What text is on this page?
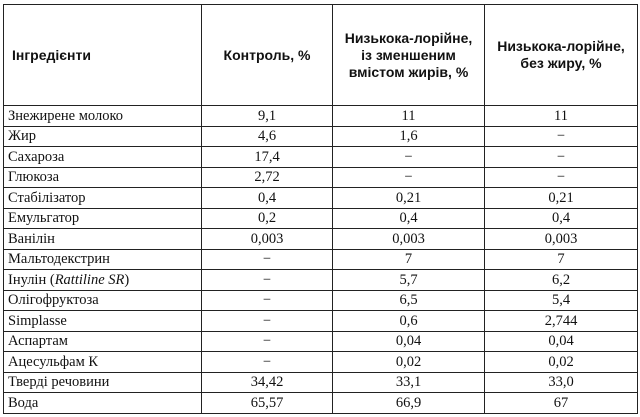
Інгредієнти	Контроль, %	Низькока-лорійне, із зменшеним вмістом жирів, %	Низькока-лорійне, без жиру, %
Знежирене молоко	9,1	11	11
Жир	4,6	1,6	−
Сахароза	17,4	−	−
Глюкоза	2,72	−	−
Стабілізатор	0,4	0,21	0,21
Емульгатор	0,2	0,4	0,4
Ванілін	0,003	0,003	0,003
Мальтодекстрин	−	7	7
Інулін (Rattiline SR)	−	5,7	6,2
Олігофруктоза	−	6,5	5,4
Simplasse	−	0,6	2,744
Аспартам	−	0,04	0,04
Ацесульфам К	−	0,02	0,02
Тверді речовини	34,42	33,1	33,0
Вода	65,57	66,9	67
